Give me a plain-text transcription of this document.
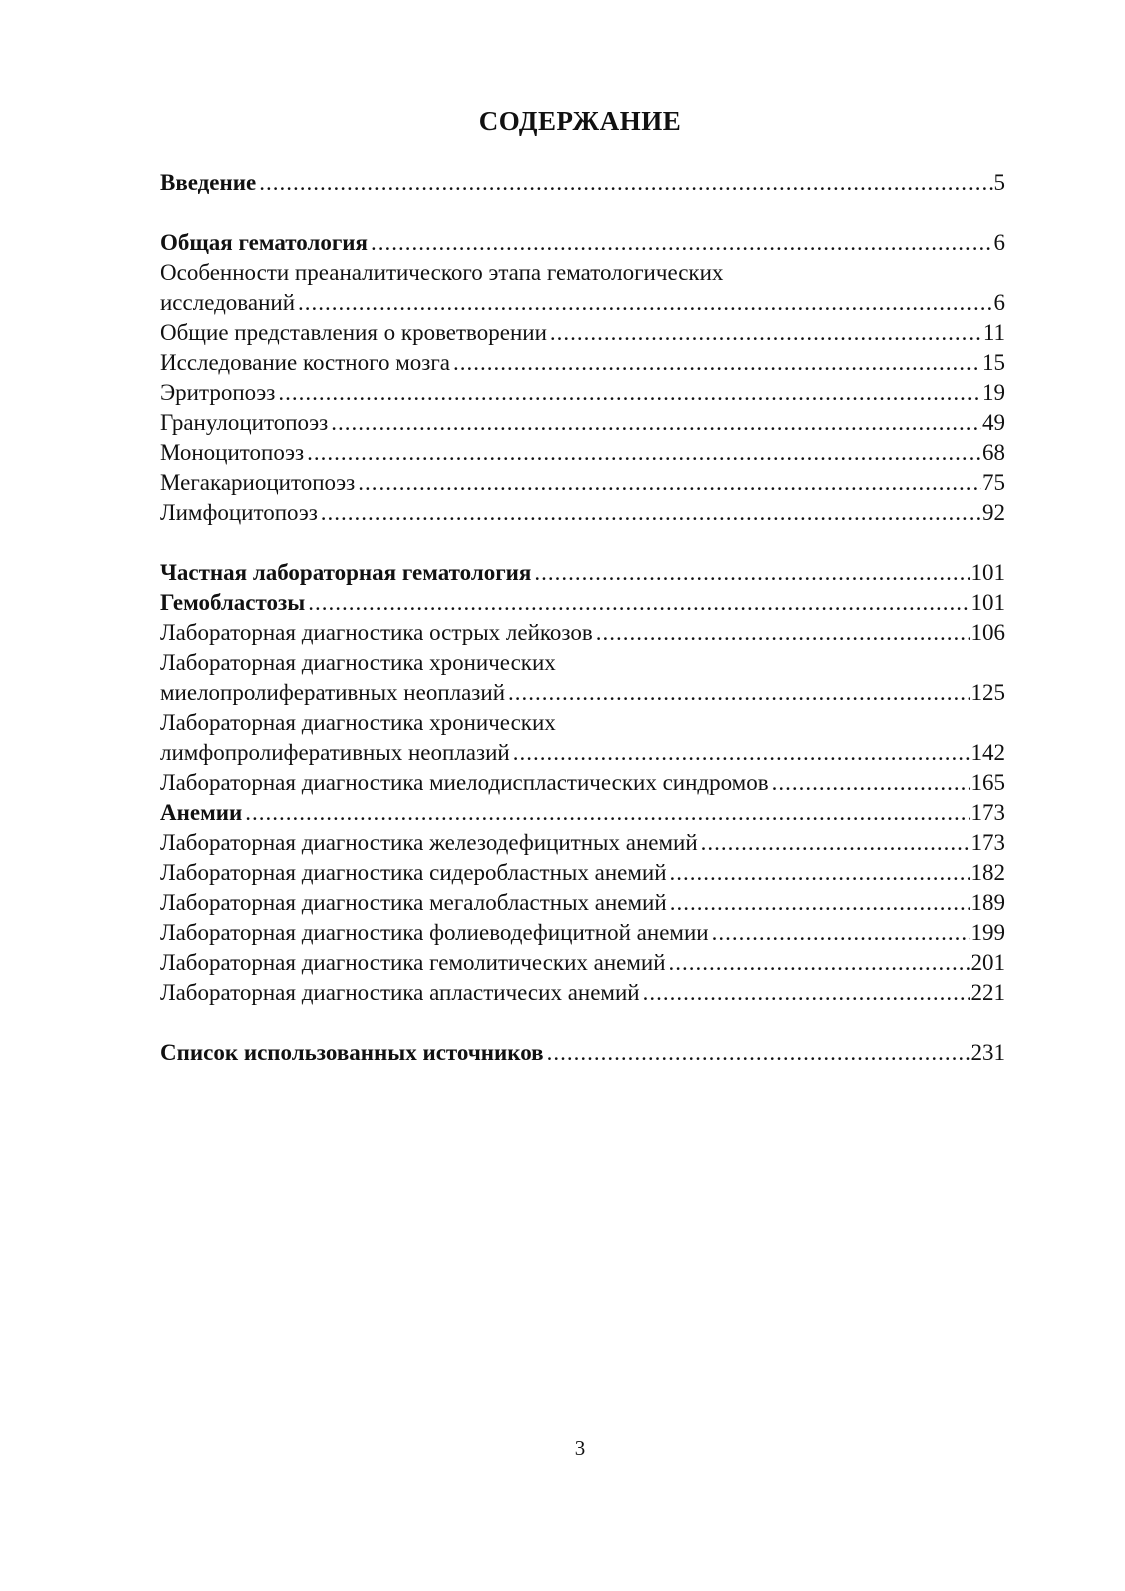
СОДЕРЖАНИЕ
Введение .....	5
Общая гематология .....	6
Особенности преаналитического этапа гематологических
исследований .....	6
Общие представления о кроветворении .....	11
Исследование костного мозга .....	15
Эритропоэз .....	19
Гранулоцитопоэз .....	49
Моноцитопоэз .....	68
Мегакариоцитопоэз .....	75
Лимфоцитопоэз .....	92
Частная лабораторная гематология .....	101
Гемобластозы .....	101
Лабораторная диагностика острых лейкозов .....	106
Лабораторная диагностика хронических
миелопролиферативных неоплазий .....	125
Лабораторная диагностика хронических
лимфопролиферативных неоплазий .....	142
Лабораторная диагностика миелодиспластических синдромов .....	165
Анемии .....	173
Лабораторная диагностика железодефицитных анемий .....	173
Лабораторная диагностика сидеробластных анемий .....	182
Лабораторная диагностика мегалобластных анемий .....	189
Лабораторная диагностика фолиеводефицитной анемии .....	199
Лабораторная диагностика гемолитических анемий .....	201
Лабораторная диагностика апластичесих анемий .....	221
Список использованных источников .....	231
3
